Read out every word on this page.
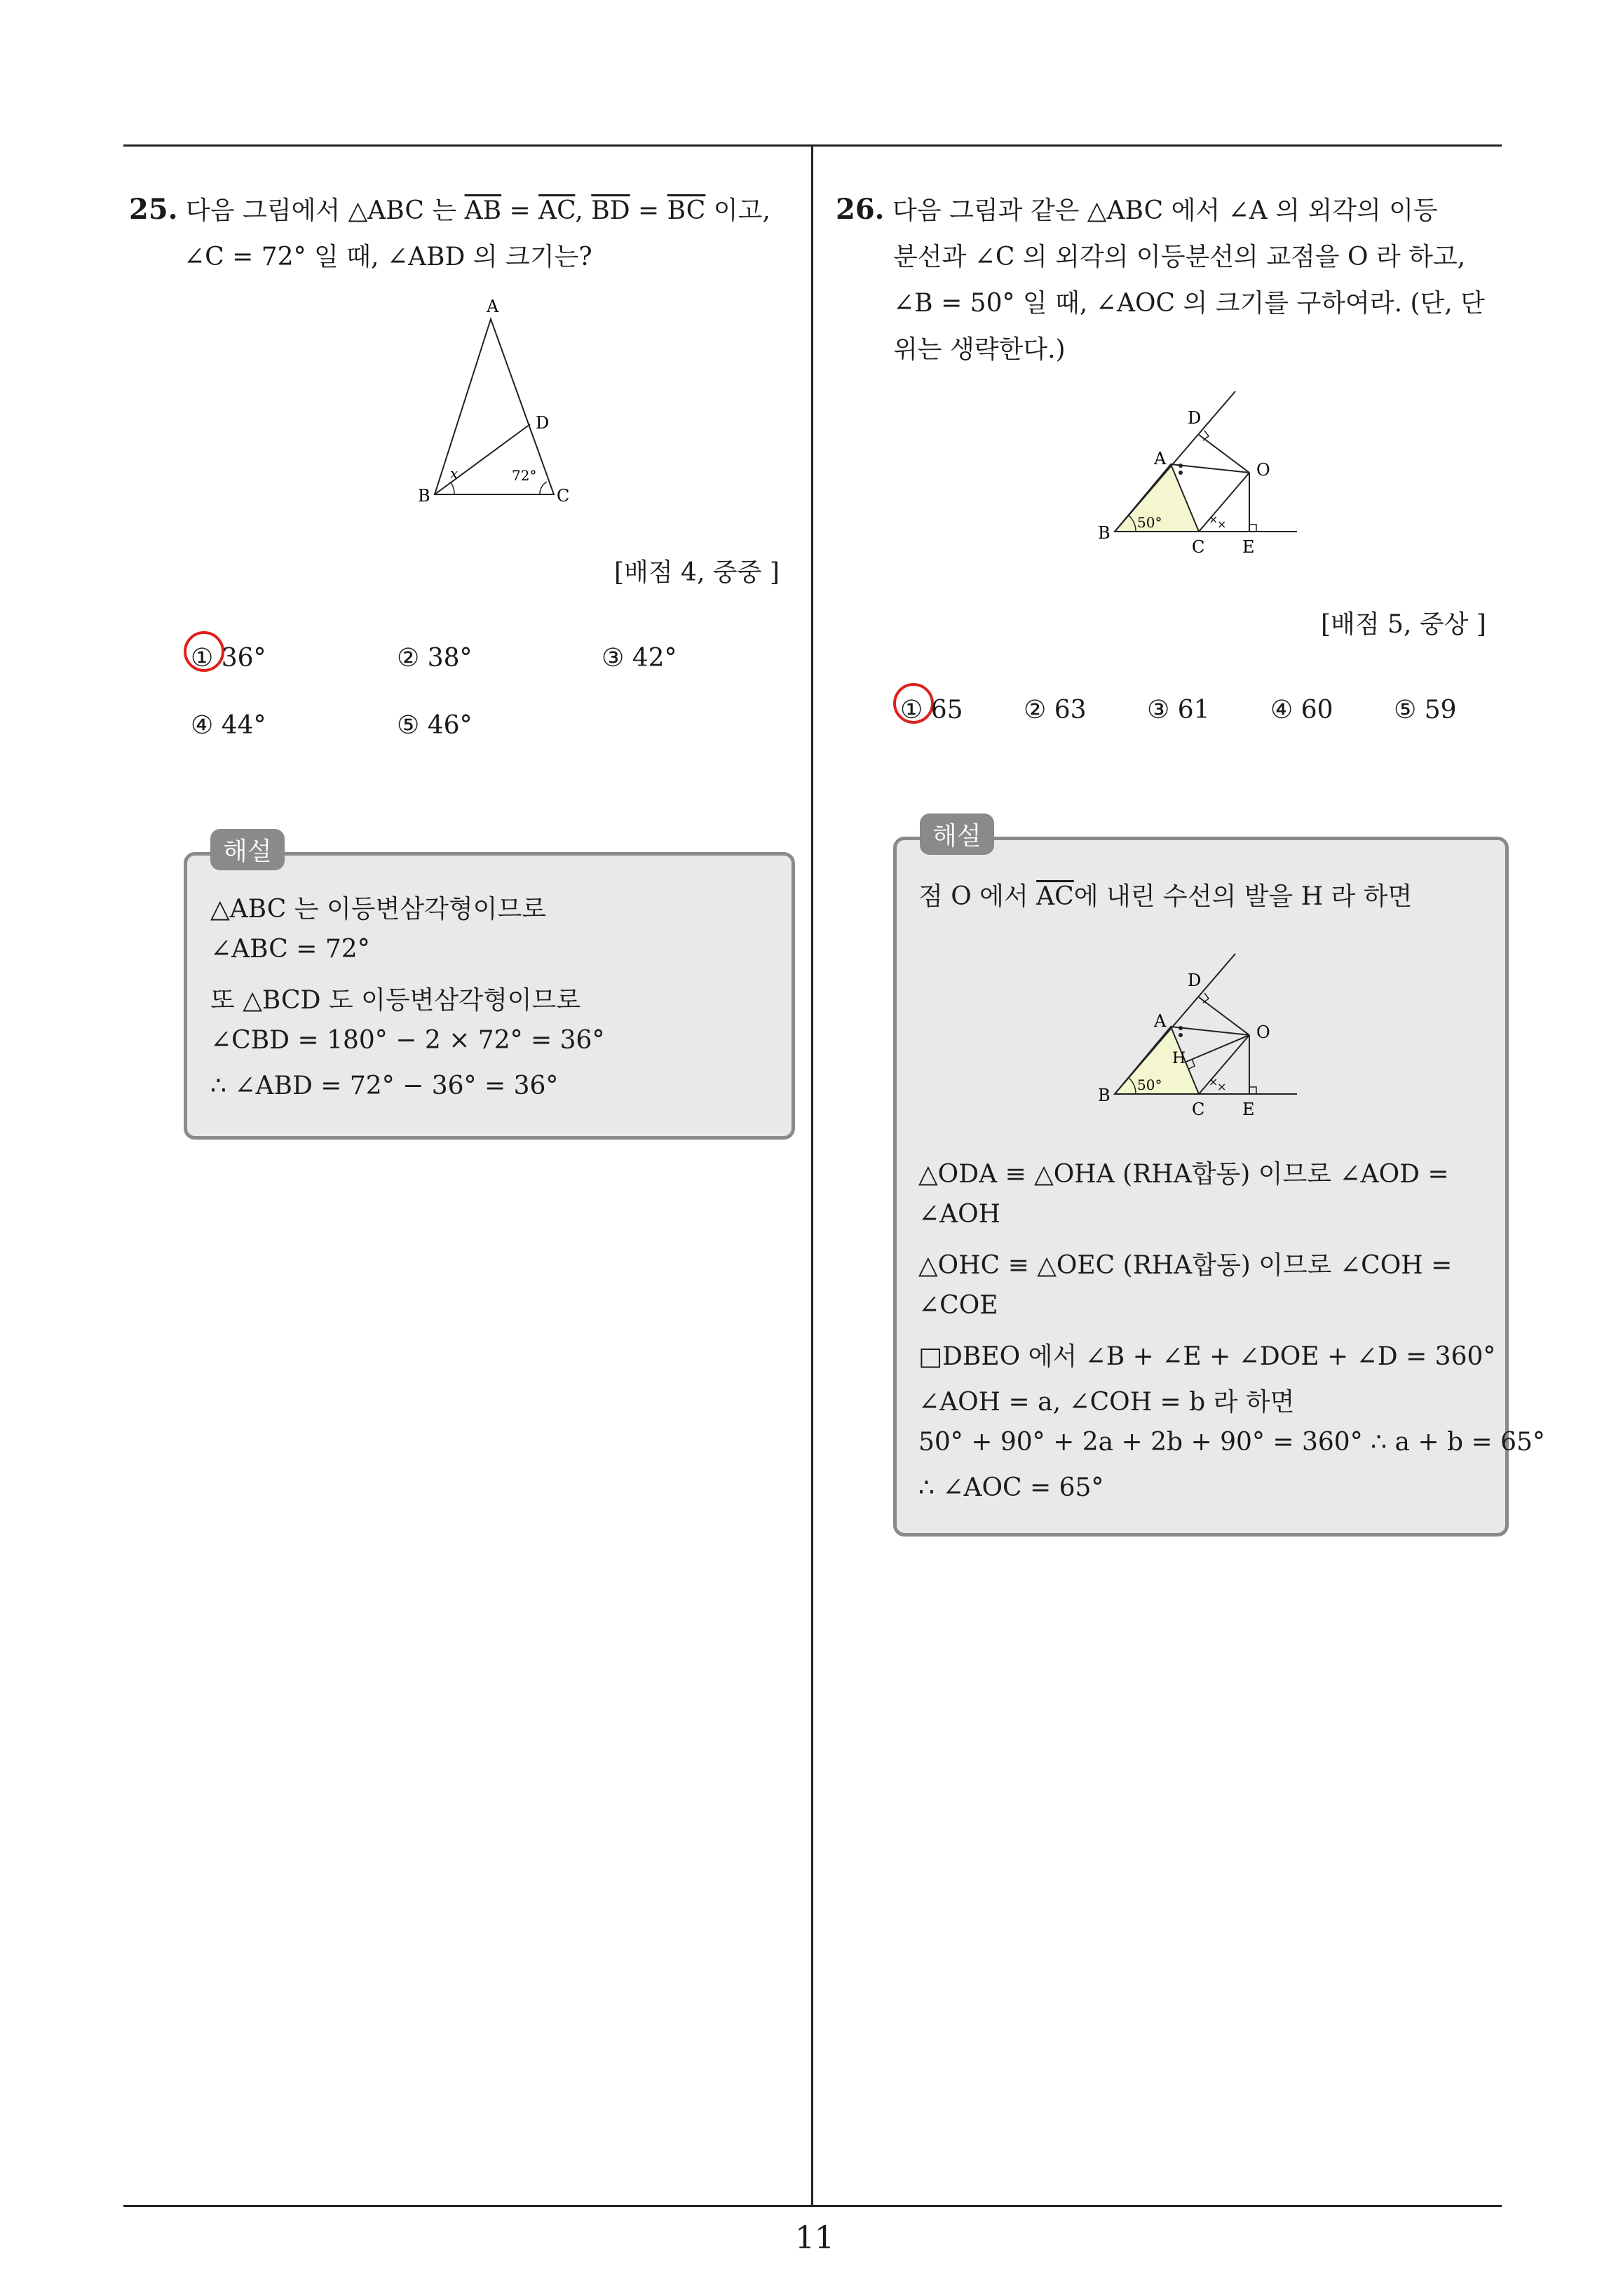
25. 다음 그림에서 △ABC 는 $\overline{AB} = \overline{AC}$, $\overline{BD} = \overline{BC}$ 이고,
∠C = 72° 일 때, ∠ABD 의 크기는?
A
B	C
D
x	72°
[배점 4, 중중 ]
① 36°	② 38°	③ 42°
④ 44°	⑤ 46°
해설
△ABC 는 이등변삼각형이므로
∠ABC = 72°
또 △BCD 도 이등변삼각형이므로
∠CBD = 180° − 2 × 72° = 36°
∴ ∠ABD = 72° − 36° = 36°
26. 다음 그림과 같은 △ABC 에서 ∠A 의 외각의 이등
분선과 ∠C 의 외각의 이등분선의 교점을 O 라 하고,
∠B = 50° 일 때, ∠AOC 의 크기를 구하여라. (단, 단
위는 생략한다.)
×
×
D
A
O
B
C E
50°
[배점 5, 중상 ]
① 65 ② 63 ③ 61 ④ 60 ⑤ 59
해설
점 O 에서 $\overline{AC}$에 내린 수선의 발을 H 라 하면
×
×
D
A
H
O
B
C E
50°
△ODA ≡ △OHA (RHA합동) 이므로 ∠AOD =
∠AOH
△OHC ≡ △OEC (RHA합동) 이므로 ∠COH =
∠COE
□DBEO 에서 ∠B + ∠E + ∠DOE + ∠D = 360°
∠AOH = a, ∠COH = b 라 하면
50° + 90° + 2a + 2b + 90° = 360° ∴ a + b = 65°
∴ ∠AOC = 65°
11
